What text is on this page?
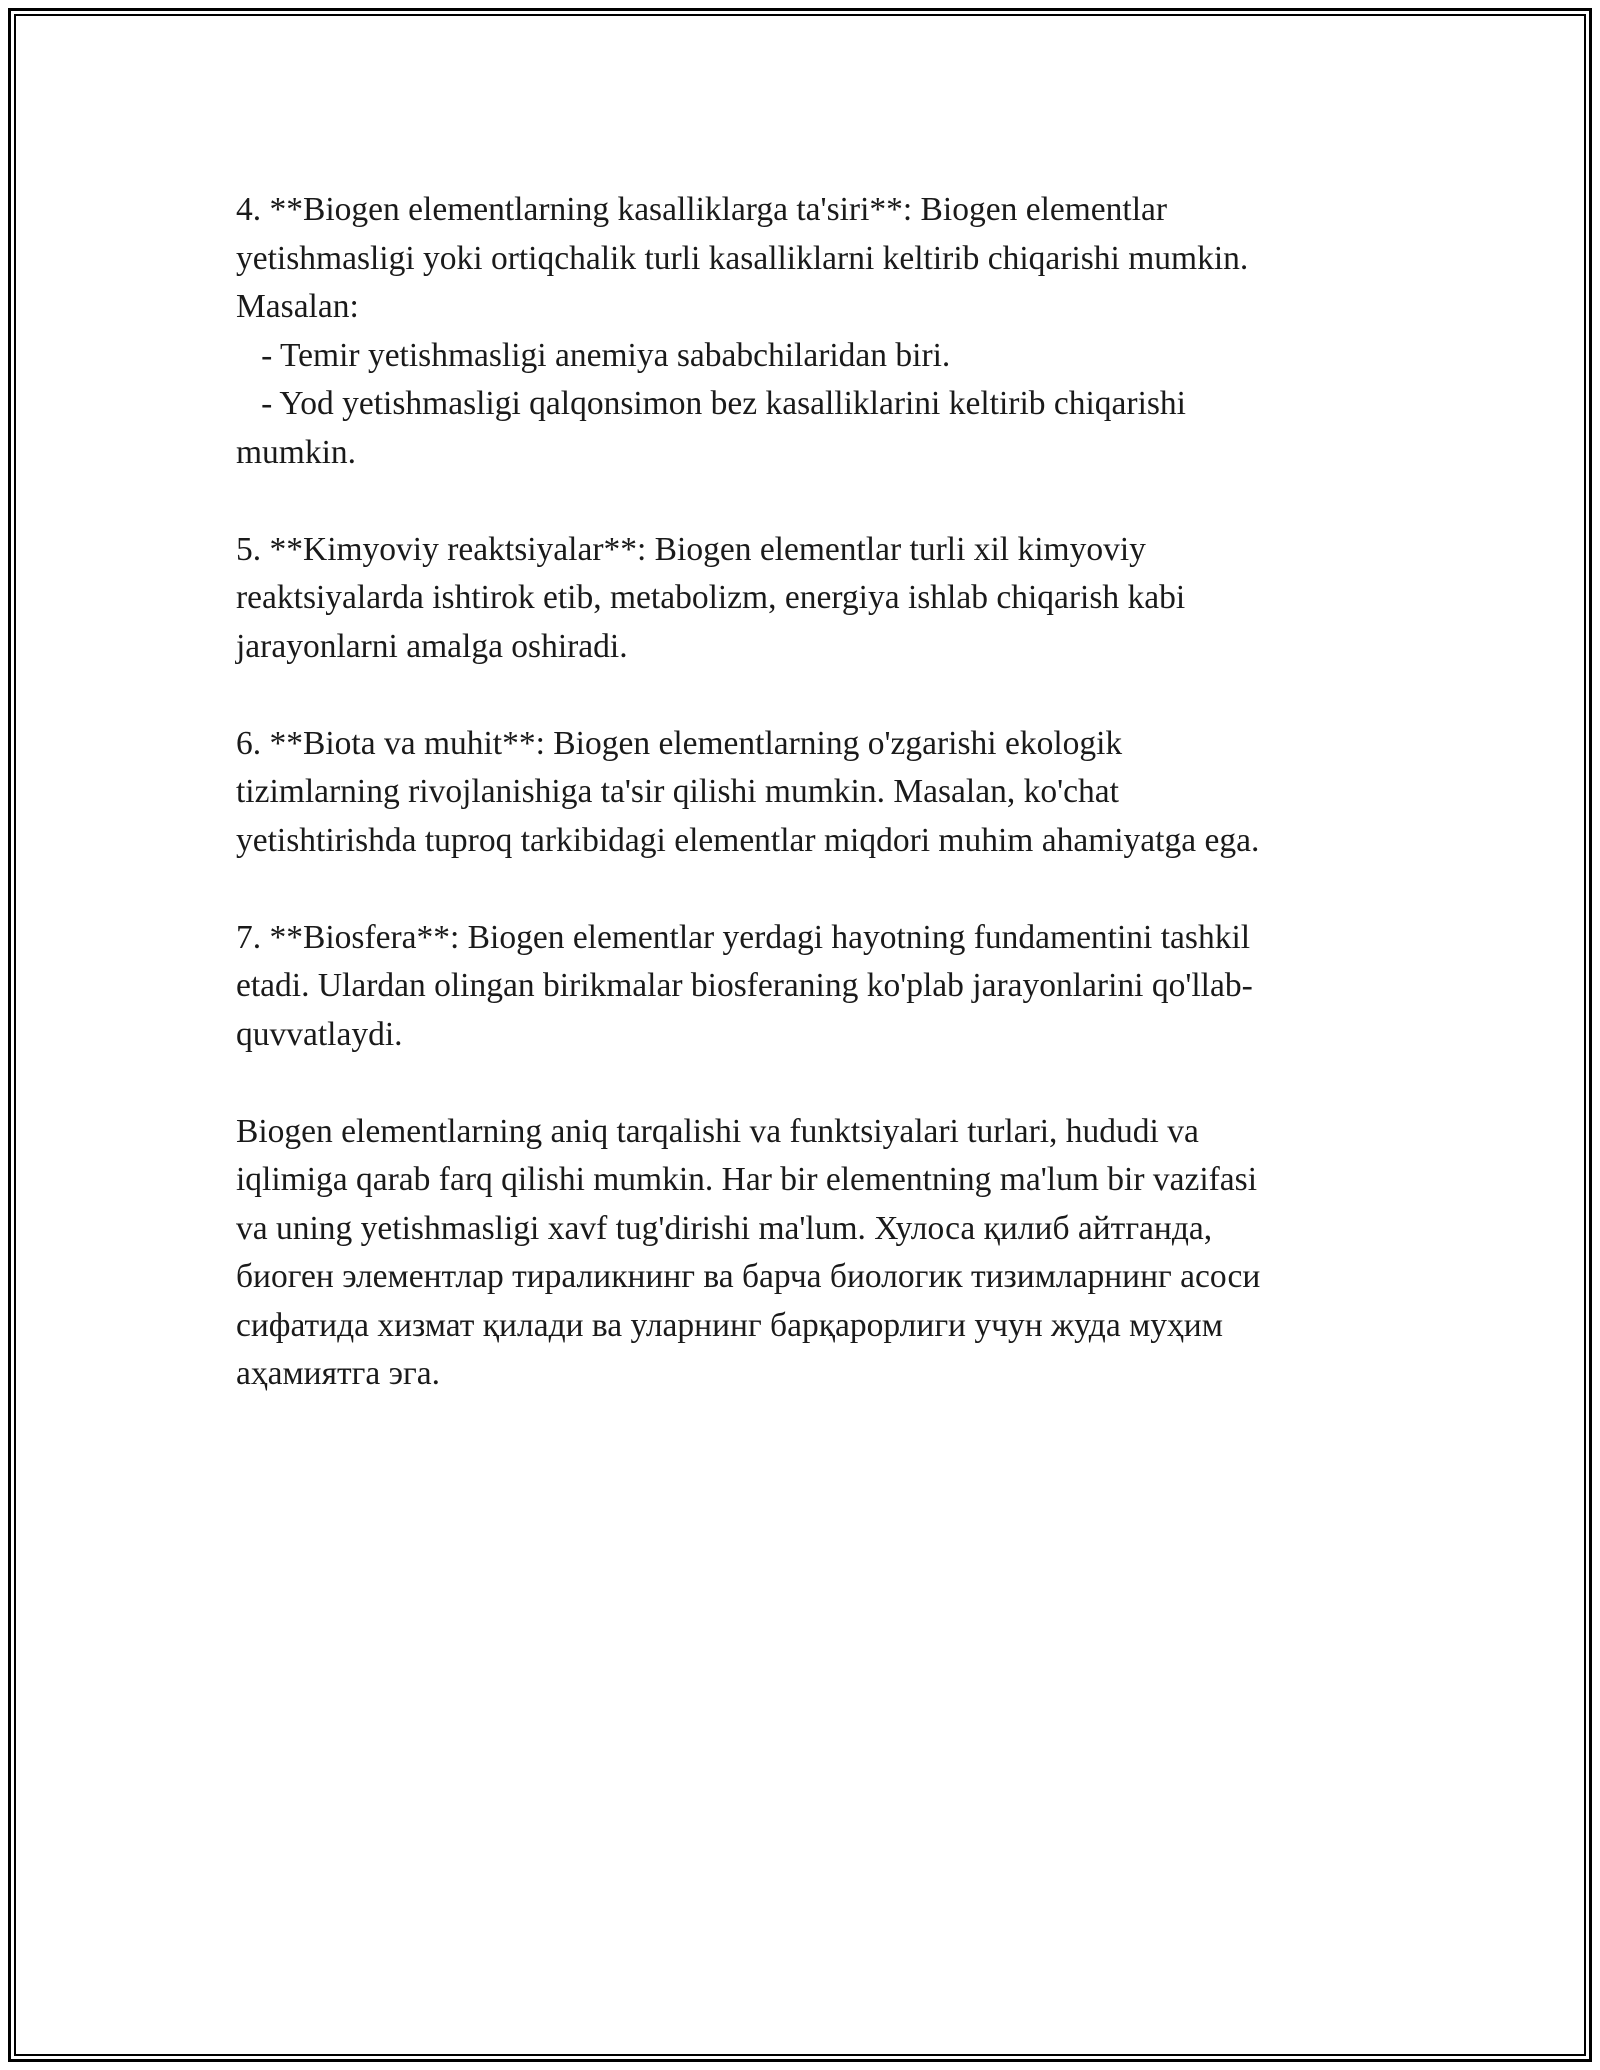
4. **Biogen elementlarning kasalliklarga ta'siri**: Biogen elementlar
yetishmasligi yoki ortiqchalik turli kasalliklarni keltirib chiqarishi mumkin.
Masalan:
- Temir yetishmasligi anemiya sababchilaridan biri.
- Yod yetishmasligi qalqonsimon bez kasalliklarini keltirib chiqarishi
mumkin.
5. **Kimyoviy reaktsiyalar**: Biogen elementlar turli xil kimyoviy
reaktsiyalarda ishtirok etib, metabolizm, energiya ishlab chiqarish kabi
jarayonlarni amalga oshiradi.
6. **Biota va muhit**: Biogen elementlarning o'zgarishi ekologik
tizimlarning rivojlanishiga ta'sir qilishi mumkin. Masalan, ko'chat
yetishtirishda tuproq tarkibidagi elementlar miqdori muhim ahamiyatga ega.
7. **Biosfera**: Biogen elementlar yerdagi hayotning fundamentini tashkil
etadi. Ulardan olingan birikmalar biosferaning ko'plab jarayonlarini qo'llab-
quvvatlaydi.
Biogen elementlarning aniq tarqalishi va funktsiyalari turlari, hududi va
iqlimiga qarab farq qilishi mumkin. Har bir elementning ma'lum bir vazifasi
va uning yetishmasligi xavf tug'dirishi ma'lum. Хулоса қилиб айтганда,
биоген элементлар тираликнинг ва барча биологик тизимларнинг асоси
сифатида хизмат қилади ва уларнинг барқарорлиги учун жуда муҳим
аҳамиятга эга.
